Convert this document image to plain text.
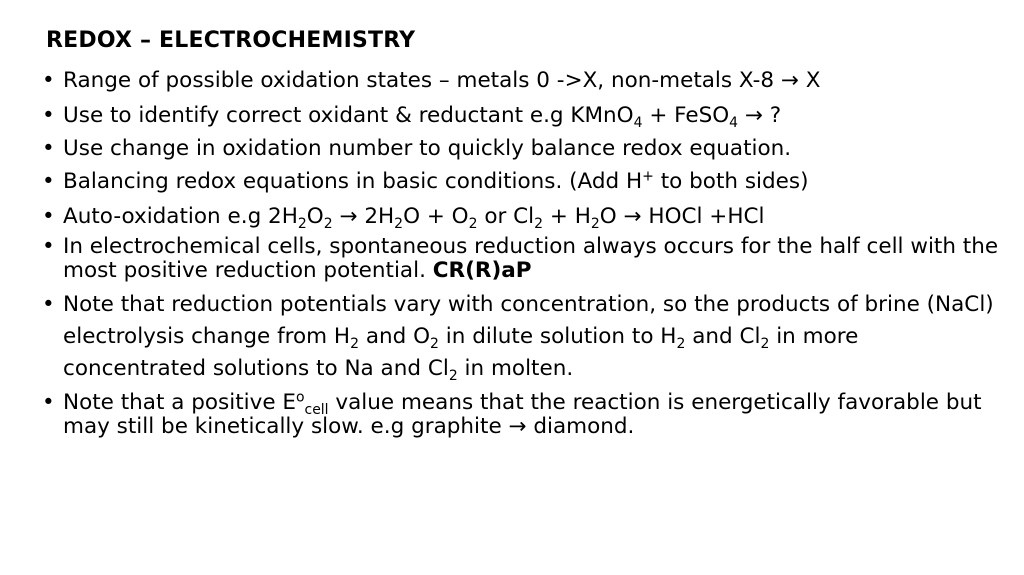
REDOX – ELECTROCHEMISTRY
• Range of possible oxidation states – metals 0 ->X, non-metals X-8 → X
• Use to identify correct oxidant & reductant e.g KMnO$_4$ + FeSO$_4$ → ?
• Use change in oxidation number to quickly balance redox equation.
• Balancing redox equations in basic conditions. (Add H+ to both sides)
• Auto-oxidation e.g $2H_2O_2 \to 2H_2O + O_2$ or $Cl_2 + H_2O$ → HOCl +HCl
• In electrochemical cells, spontaneous reduction always occurs for the half cell with the most positive reduction potential. CR(R)aP
• Note that reduction potentials vary with concentration, so the products of brine (NaCl) electrolysis change from $H_2$ and $O_2$ in dilute solution to $H_2$ and $Cl_2$ in more concentrated solutions to Na and $Cl_2$ in molten.
• Note that a positive $E^o_{cell}$ value means that the reaction is energetically favorable but may still be kinetically slow. e.g graphite → diamond.
